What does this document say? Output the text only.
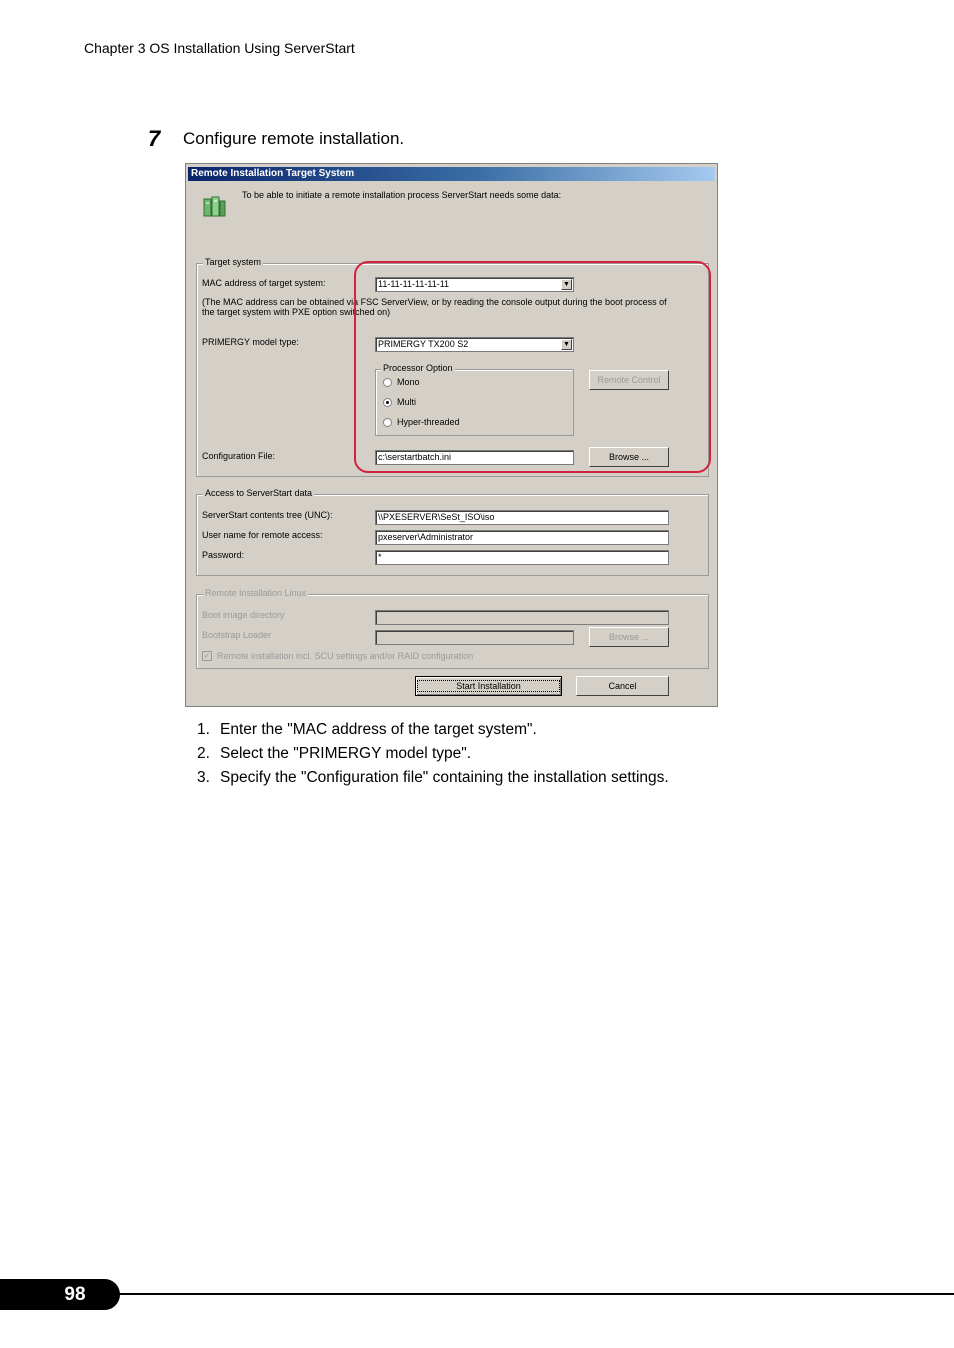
Chapter 3 OS Installation Using ServerStart
7 Configure remote installation.
Remote Installation Target System
To be able to initiate a remote installation process ServerStart needs some data:
Target system
MAC address of target system:	11-11-11-11-11-11	▼
(The MAC address can be obtained via FSC ServerView, or by reading the console output during the boot process of the target system with PXE option switched on)
PRIMERGY model type:	PRIMERGY TX200 S2	▼
Processor Option
Mono
Multi
Hyper-threaded
Remote Control
Configuration File:	c:\serstartbatch.ini	Browse ...
Access to ServerStart data
ServerStart contents tree (UNC):	\\PXESERVER\SeSt_ISO\iso
User name for remote access:	pxeserver\Administrator
Password:	*
Remote Installation Linux
Boot image directory
Bootstrap Loader	Browse ...
✓ Remote installation incl. SCU settings and/or RAID configuration
Start Installation	Cancel
1. Enter the "MAC address of the target system".
2. Select the "PRIMERGY model type".
3. Specify the "Configuration file" containing the installation settings.
98
